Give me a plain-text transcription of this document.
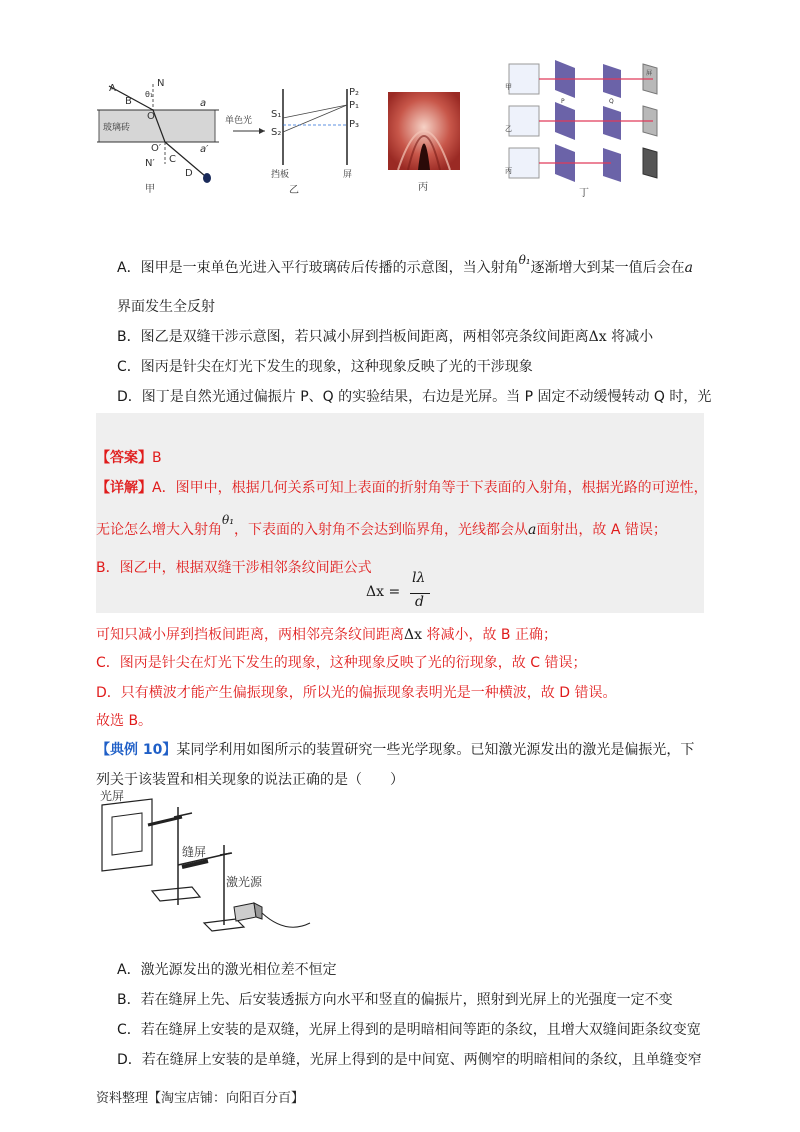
A	N
B
θ₁
O
a
玻璃砖
O′	a′
N′ C
D
甲
单色光
S₁
S₂
P₂
P₁
P₃
挡板	屏
乙	丙
甲
乙
丙
P	Q
屏
丁
A．图甲是一束单色光进入平行玻璃砖后传播的示意图，当入射角θ₁逐渐增大到某一值后会在a
界面发生全反射
B．图乙是双缝干涉示意图，若只减小屏到挡板间距离，两相邻亮条纹间距离Δx 将减小
C．图丙是针尖在灯光下发生的现象，这种现象反映了光的干涉现象
D．图丁是自然光通过偏振片 P、Q 的实验结果，右边是光屏。当 P 固定不动缓慢转动 Q 时，光
【答案】B
【详解】A．图甲中，根据几何关系可知上表面的折射角等于下表面的入射角，根据光路的可逆性，
无论怎么增大入射角θ₁，下表面的入射角不会达到临界角，光线都会从a面射出，故 A 错误；
B．图乙中，根据双缝干涉相邻条纹间距公式
Δx =
lλ
d
可知只减小屏到挡板间距离，两相邻亮条纹间距离Δx 将减小，故 B 正确；
C．图丙是针尖在灯光下发生的现象，这种现象反映了光的衍现象，故 C 错误；
D．只有横波才能产生偏振现象，所以光的偏振现象表明光是一种横波，故 D 错误。
故选 B。
【典例 10】某同学利用如图所示的装置研究一些光学现象。已知激光源发出的激光是偏振光，下
列关于该装置和相关现象的说法正确的是（　　）
光屏
缝屏
激光源
A．激光源发出的激光相位差不恒定
B．若在缝屏上先、后安装透振方向水平和竖直的偏振片，照射到光屏上的光强度一定不变
C．若在缝屏上安装的是双缝，光屏上得到的是明暗相间等距的条纹，且增大双缝间距条纹变宽
D．若在缝屏上安装的是单缝，光屏上得到的是中间宽、两侧窄的明暗相间的条纹，且单缝变窄
资料整理【淘宝店铺：向阳百分百】
